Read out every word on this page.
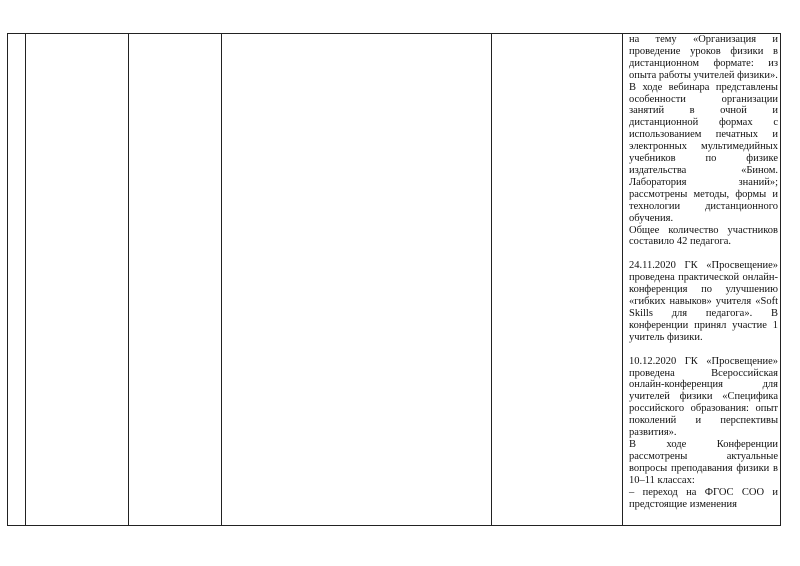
на тему «Организация и проведение уроков физики в дистанционном формате: из опыта работы учителей физики».

В ходе вебинара представлены особенности организации занятий в очной и дистанционной формах с использованием печатных и электронных мультимедийных учебников по физике издательства «Бином. Лаборатория знаний»; рассмотрены методы, формы и технологии дистанционного обучения.

Общее количество участников составило 42 педагога.

24.11.2020 ГК «Просвещение» проведена практической онлайн-конференция по улучшению «гибких навыков» учителя «Soft Skills для педагога». В конференции принял участие 1 учитель физики.

10.12.2020 ГК «Просвещение» проведена Всероссийская онлайн-конференция для учителей физики «Специфика российского образования: опыт поколений и перспективы развития».

В ходе Конференции рассмотрены актуальные вопросы преподавания физики в 10–11 классах:

– переход на ФГОС СОО и предстоящие изменения
